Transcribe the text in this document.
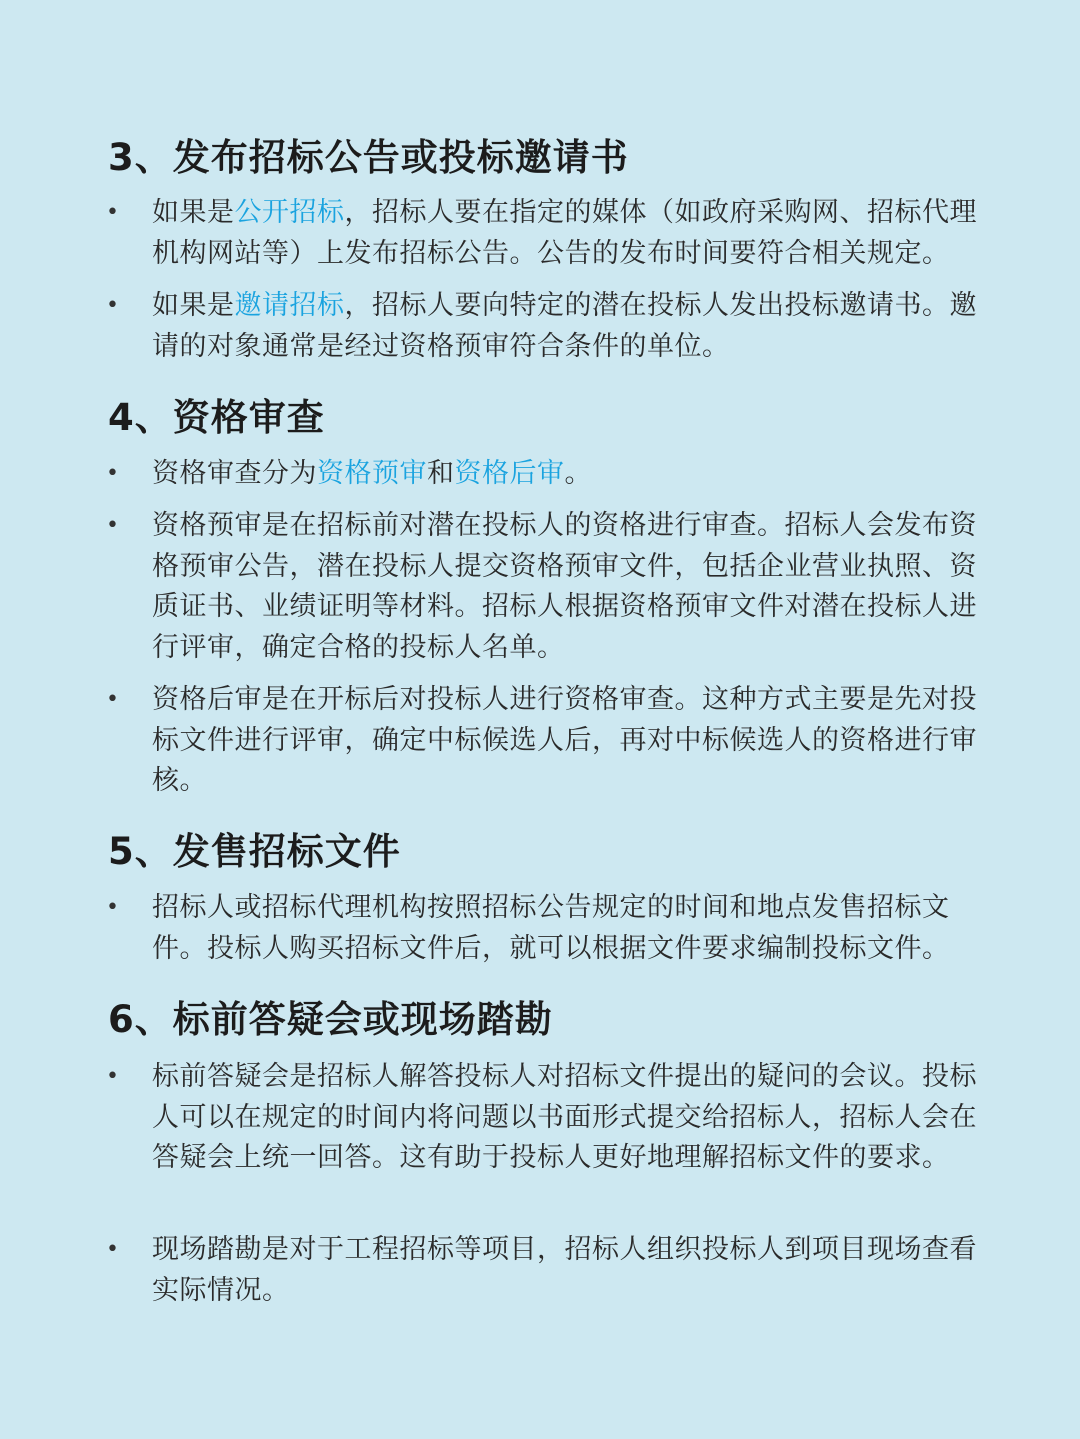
3、发布招标公告或投标邀请书
• 如果是公开招标，招标人要在指定的媒体（如政府采购网、招标代理机构网站等）上发布招标公告。公告的发布时间要符合相关规定。
• 如果是邀请招标，招标人要向特定的潜在投标人发出投标邀请书。邀请的对象通常是经过资格预审符合条件的单位。
4、资格审查
• 资格审查分为资格预审和资格后审。
• 资格预审是在招标前对潜在投标人的资格进行审查。招标人会发布资格预审公告，潜在投标人提交资格预审文件，包括企业营业执照、资质证书、业绩证明等材料。招标人根据资格预审文件对潜在投标人进行评审，确定合格的投标人名单。
• 资格后审是在开标后对投标人进行资格审查。这种方式主要是先对投标文件进行评审，确定中标候选人后，再对中标候选人的资格进行审核。
5、发售招标文件
• 招标人或招标代理机构按照招标公告规定的时间和地点发售招标文件。投标人购买招标文件后，就可以根据文件要求编制投标文件。
6、标前答疑会或现场踏勘
• 标前答疑会是招标人解答投标人对招标文件提出的疑问的会议。投标人可以在规定的时间内将问题以书面形式提交给招标人，招标人会在答疑会上统一回答。这有助于投标人更好地理解招标文件的要求。
• 现场踏勘是对于工程招标等项目，招标人组织投标人到项目现场查看实际情况。
